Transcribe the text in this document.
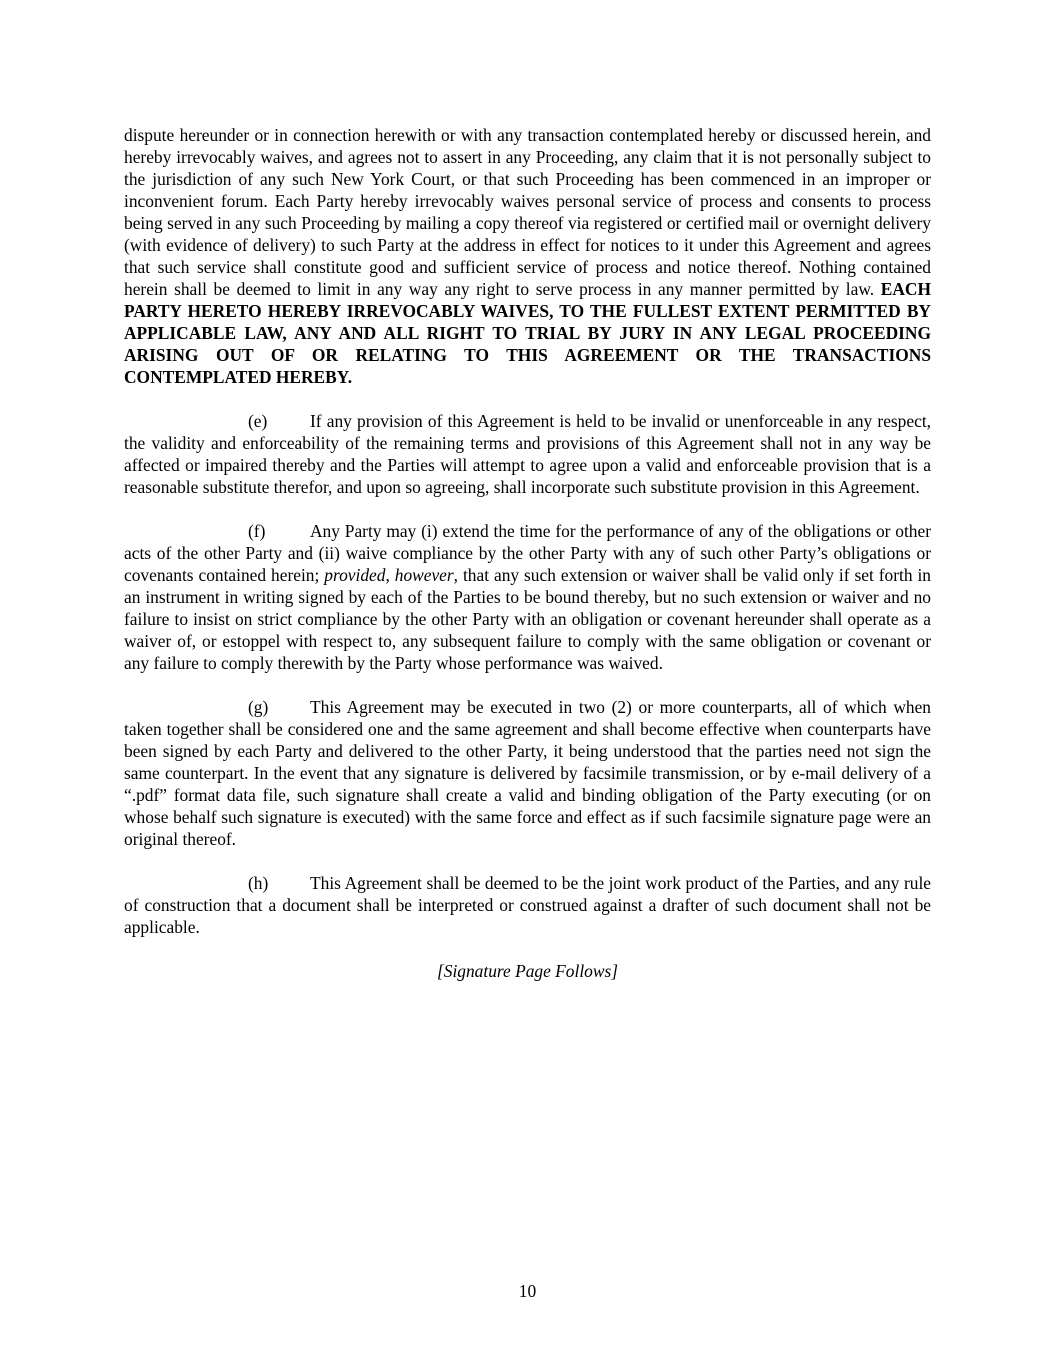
dispute hereunder or in connection herewith or with any transaction contemplated hereby or discussed herein, and hereby irrevocably waives, and agrees not to assert in any Proceeding, any claim that it is not personally subject to the jurisdiction of any such New York Court, or that such Proceeding has been commenced in an improper or inconvenient forum. Each Party hereby irrevocably waives personal service of process and consents to process being served in any such Proceeding by mailing a copy thereof via registered or certified mail or overnight delivery (with evidence of delivery) to such Party at the address in effect for notices to it under this Agreement and agrees that such service shall constitute good and sufficient service of process and notice thereof. Nothing contained herein shall be deemed to limit in any way any right to serve process in any manner permitted by law. EACH PARTY HERETO HEREBY IRREVOCABLY WAIVES, TO THE FULLEST EXTENT PERMITTED BY APPLICABLE LAW, ANY AND ALL RIGHT TO TRIAL BY JURY IN ANY LEGAL PROCEEDING ARISING OUT OF OR RELATING TO THIS AGREEMENT OR THE TRANSACTIONS CONTEMPLATED HEREBY.

(e) If any provision of this Agreement is held to be invalid or unenforceable in any respect, the validity and enforceability of the remaining terms and provisions of this Agreement shall not in any way be affected or impaired thereby and the Parties will attempt to agree upon a valid and enforceable provision that is a reasonable substitute therefor, and upon so agreeing, shall incorporate such substitute provision in this Agreement.

(f)	Any Party may (i) extend the time for the performance of any of the obligations or other acts of the other Party and (ii) waive compliance by the other Party with any of such other Party’s obligations or covenants contained herein; provided, however, that any such extension or waiver shall be valid only if set forth in an instrument in writing signed by each of the Parties to be bound thereby, but no such extension or waiver and no failure to insist on strict compliance by the other Party with an obligation or covenant hereunder shall operate as a waiver of, or estoppel with respect to, any subsequent failure to comply with the same obligation or covenant or any failure to comply therewith by the Party whose performance was waived.

(g) This Agreement may be executed in two (2) or more counterparts, all of which when taken together shall be considered one and the same agreement and shall become effective when counterparts have been signed by each Party and delivered to the other Party, it being understood that the parties need not sign the same counterpart. In the event that any signature is delivered by facsimile transmission, or by e-mail delivery of a “.pdf” format data file, such signature shall create a valid and binding obligation of the Party executing (or on whose behalf such signature is executed) with the same force and effect as if such facsimile signature page were an original thereof.

(h) This Agreement shall be deemed to be the joint work product of the Parties, and any rule of construction that a document shall be interpreted or construed against a drafter of such document shall not be applicable.

[Signature Page Follows]

10
